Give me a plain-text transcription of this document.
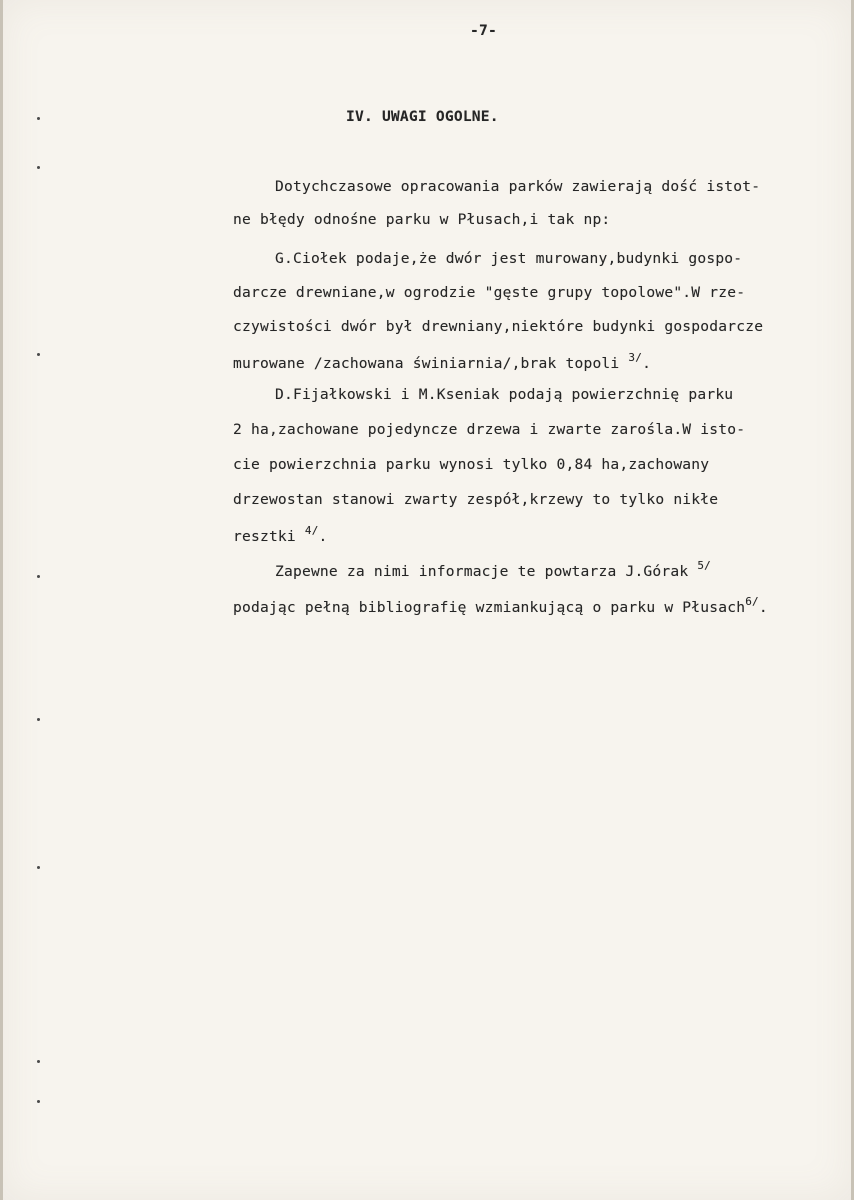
-7-
IV. UWAGI OGOLNE.
Dotychczasowe opracowania parków zawierają dość istot-
ne błędy odnośne parku w Płusach,i tak np:
G.Ciołek podaje,że dwór jest murowany,budynki gospo-
darcze drewniane,w ogrodzie "gęste grupy topolowe".W rze-
czywistości dwór był drewniany,niektóre budynki gospodarcze
murowane /zachowana świniarnia/,brak topoli 3/.
D.Fijałkowski i M.Kseniak podają powierzchnię parku
2 ha,zachowane pojedyncze drzewa i zwarte zarośla.W isto-
cie powierzchnia parku wynosi tylko 0,84 ha,zachowany
drzewostan stanowi zwarty zespół,krzewy to tylko nikłe
resztki 4/.
Zapewne za nimi informacje te powtarza J.Górak 5/
podając pełną bibliografię wzmiankującą o parku w Płusach6/.
